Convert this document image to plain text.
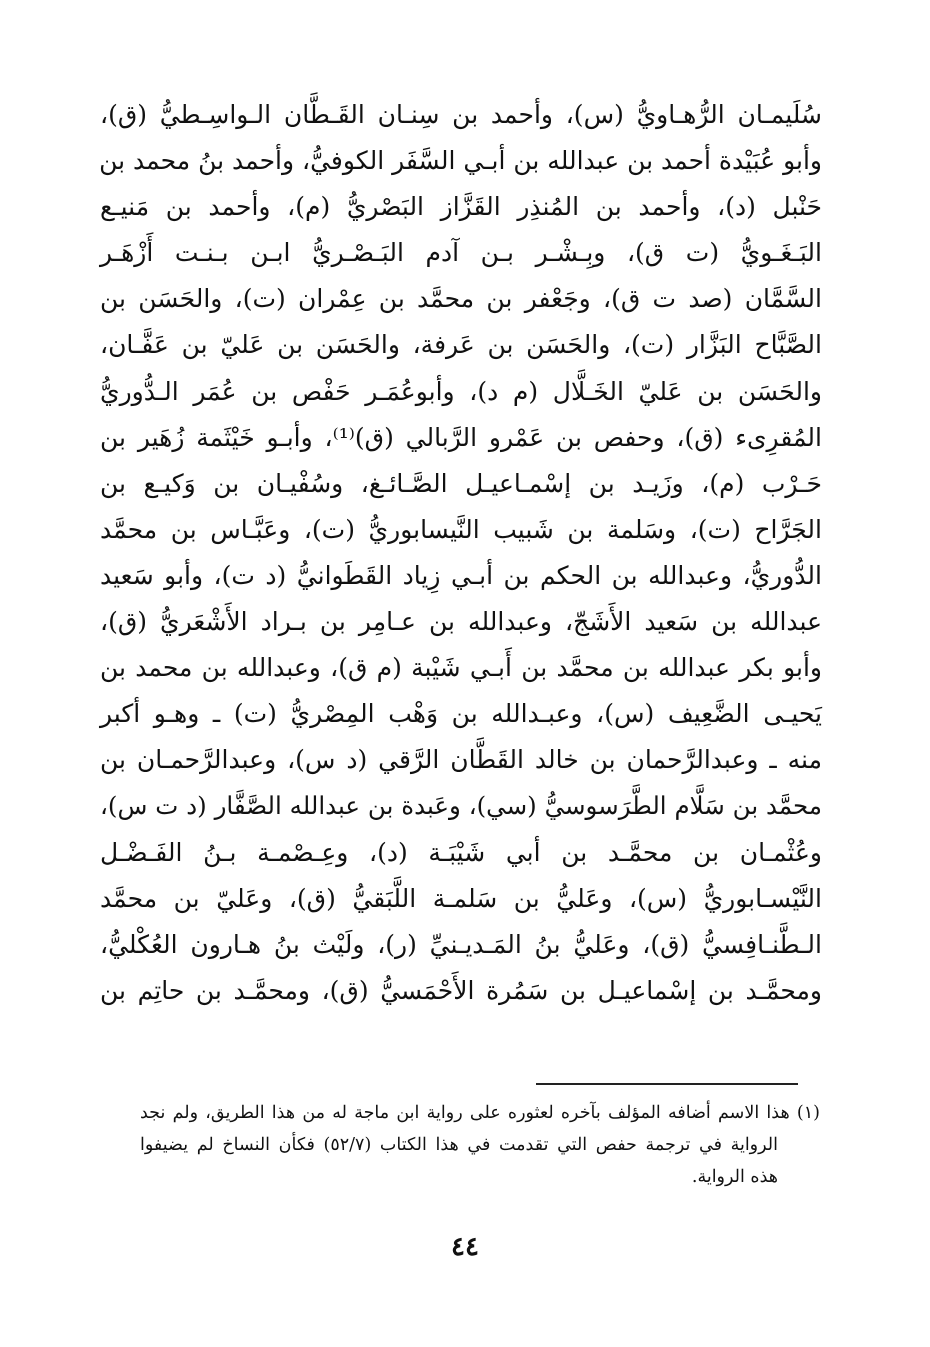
سُلَيمـان الرُّهـاويُّ (س)، وأحمد بن سِنـان القَـطَّان الـواسِـطيُّ (ق)،
وأبو عُبَيْدة أحمد بن عبدالله بن أبـي السَّفَر الكوفيُّ، وأحمد بنُ محمد بن
حَنْبل (د)، وأحمد بن المُنذِر القَزَّاز البَصْريُّ (م)، وأحمد بن مَنيـع
البَـغَـويُّ (ت ق)، وبِـشْـر بـن آدم البَـصْـريُّ ابـن بـنـت أَزْهَـر
السَّمَّان (صد ت ق)، وجَعْفر بن محمَّد بن عِمْران (ت)، والحَسَن بن
الصَّبَّاح البَزَّار (ت)، والحَسَن بن عَرفة، والحَسَن بن عَليّ بن عَفَّـان،
والحَسَن بن عَليّ الخَـلَّال (م د)، وأبوعُمَـر حَفْص بن عُمَر الـدُّوريُّ
المُقرِىء (ق)، وحفص بن عَمْرو الرَّبالي (ق)⁽¹⁾، وأبـو خَيْثَمة زُهَير بن
حَـرْب (م)، وزَيـد بن إسْمـاعيـل الصَّـائـغ، وسُفْيـان بن وَكيـع بن
الجَرَّاح (ت)، وسَلمة بن شَبيب النَّيسابوريُّ (ت)، وعَبَّـاس بن محمَّد
الدُّوريُّ، وعبدالله بن الحكم بن أبـي زِياد القَطَوانيُّ (د ت)، وأبو سَعيد
عبدالله بن سَعيد الأَشَجّ، وعبدالله بن عـامِر بن بـراد الأَشْعَريُّ (ق)،
وأبو بكر عبدالله بن محمَّد بن أَبـي شَيْبة (م ق)، وعبدالله بن محمد بن
يَحيـى الضَّعِيف (س)، وعبـدالله بن وَهْب المِصْريُّ (ت) ـ وهـو أكبر
منه ـ وعبدالرَّحمان بن خالد القَطَّان الرَّقي (د س)، وعبدالرَّحمـان بن
محمَّد بن سَلَّام الطَّرَسوسيُّ (سي)، وعَبدة بن عبدالله الصَّفَّار (د ت س)،
وعُثْمـان بن محمَّـد بن أبي شَيْبَـة (د)، وعِـصْمـة بـنُ الفَـضْـل
النَّيْسـابوريُّ (س)، وعَليُّ بن سَلمـة اللَّبَقيُّ (ق)، وعَليّ بن محمَّد
الـطَّنـافِسيُّ (ق)، وعَليُّ بنُ المَـديـنيِّ (ر)، ولَيْث بنُ هـارون العُكْليُّ،
ومحمَّـد بن إسْماعيـل بن سَمُرة الأَحْمَسيُّ (ق)، ومحمَّـد بن حاتِم بن
(١) هذا الاسم أضافه المؤلف بآخره لعثوره على رواية ابن ماجة له من هذا الطريق، ولم نجد
الرواية في ترجمة حفص التي تقدمت في هذا الكتاب (٥٢/٧) فكأن النساخ لم يضيفوا
هذه الرواية.
٤٤
